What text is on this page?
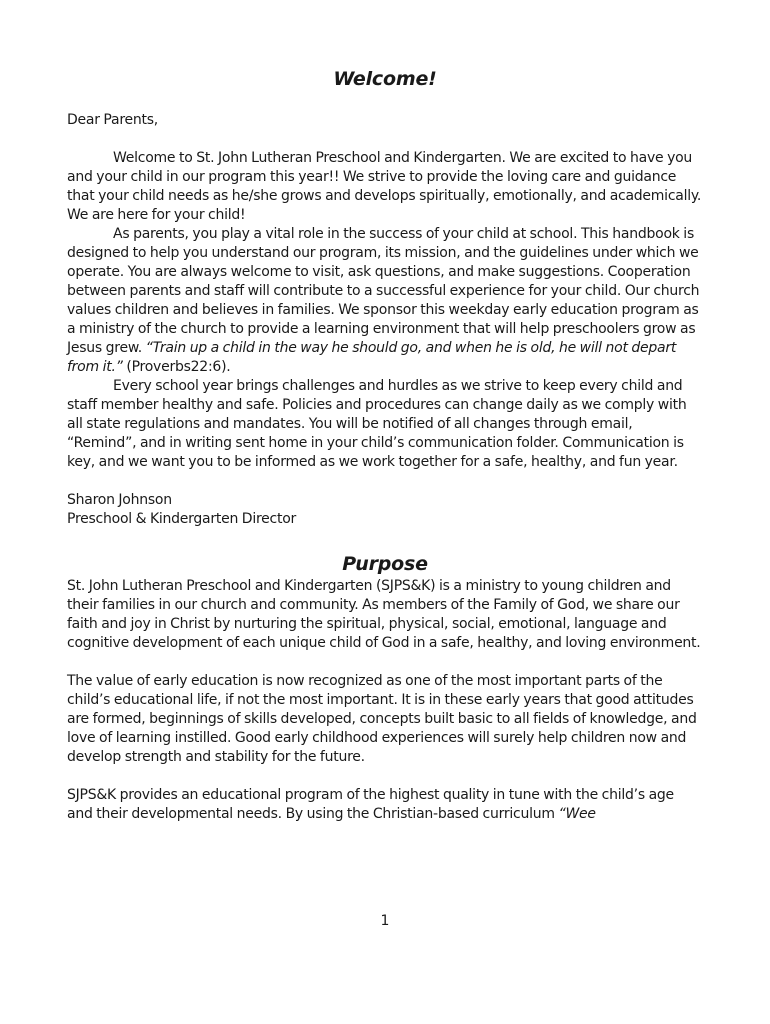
Welcome!

Dear Parents,

Welcome to St. John Lutheran Preschool and Kindergarten. We are excited to have you and your child in our program this year!! We strive to provide the loving care and guidance that your child needs as he/she grows and develops spiritually, emotionally, and academically. We are here for your child!

As parents, you play a vital role in the success of your child at school. This handbook is designed to help you understand our program, its mission, and the guidelines under which we operate. You are always welcome to visit, ask questions, and make suggestions. Cooperation between parents and staff will contribute to a successful experience for your child. Our church values children and believes in families. We sponsor this weekday early education program as a ministry of the church to provide a learning environment that will help preschoolers grow as Jesus grew. “Train up a child in the way he should go, and when he is old, he will not depart from it.” (Proverbs22:6).

Every school year brings challenges and hurdles as we strive to keep every child and staff member healthy and safe. Policies and procedures can change daily as we comply with all state regulations and mandates. You will be notified of all changes through email, “Remind”, and in writing sent home in your child’s communication folder. Communication is key, and we want you to be informed as we work together for a safe, healthy, and fun year.

Sharon Johnson

Preschool & Kindergarten Director

Purpose

St. John Lutheran Preschool and Kindergarten (SJPS&K) is a ministry to young children and their families in our church and community. As members of the Family of God, we share our faith and joy in Christ by nurturing the spiritual, physical, social, emotional, language and cognitive development of each unique child of God in a safe, healthy, and loving environment.

The value of early education is now recognized as one of the most important parts of the child’s educational life, if not the most important. It is in these early years that good attitudes are formed, beginnings of skills developed, concepts built basic to all fields of knowledge, and love of learning instilled. Good early childhood experiences will surely help children now and develop strength and stability for the future.

SJPS&K provides an educational program of the highest quality in tune with the child’s age and their developmental needs. By using the Christian-based curriculum “Wee

1
